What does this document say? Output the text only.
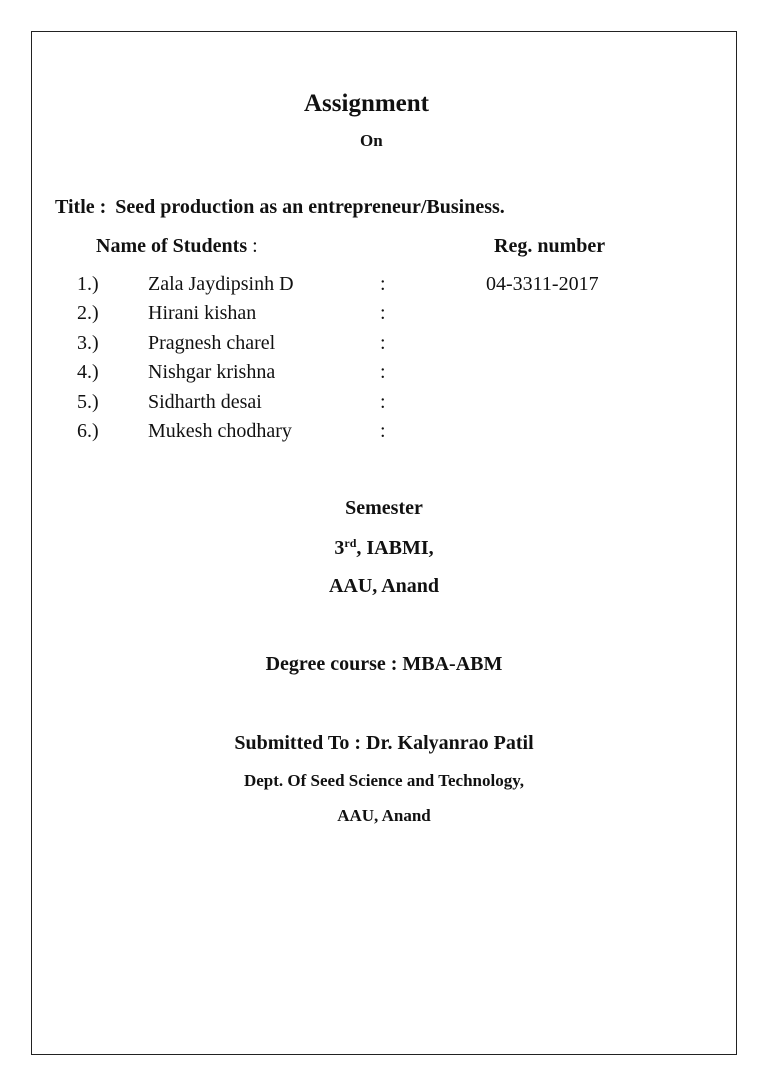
Assignment
On
Title : Seed production as an entrepreneur/Business.
Name of Students :	Reg. number
1.) Zala Jaydipsinh D	:	04-3311-2017
2.) Hirani kishan	:
3.) Pragnesh charel	:
4.) Nishgar krishna	:
5.) Sidharth desai	:
6.) Mukesh chodhary	:
Semester
3rd, IABMI,
AAU, Anand
Degree course : MBA-ABM
Submitted To : Dr. Kalyanrao Patil
Dept. Of Seed Science and Technology,
AAU, Anand
